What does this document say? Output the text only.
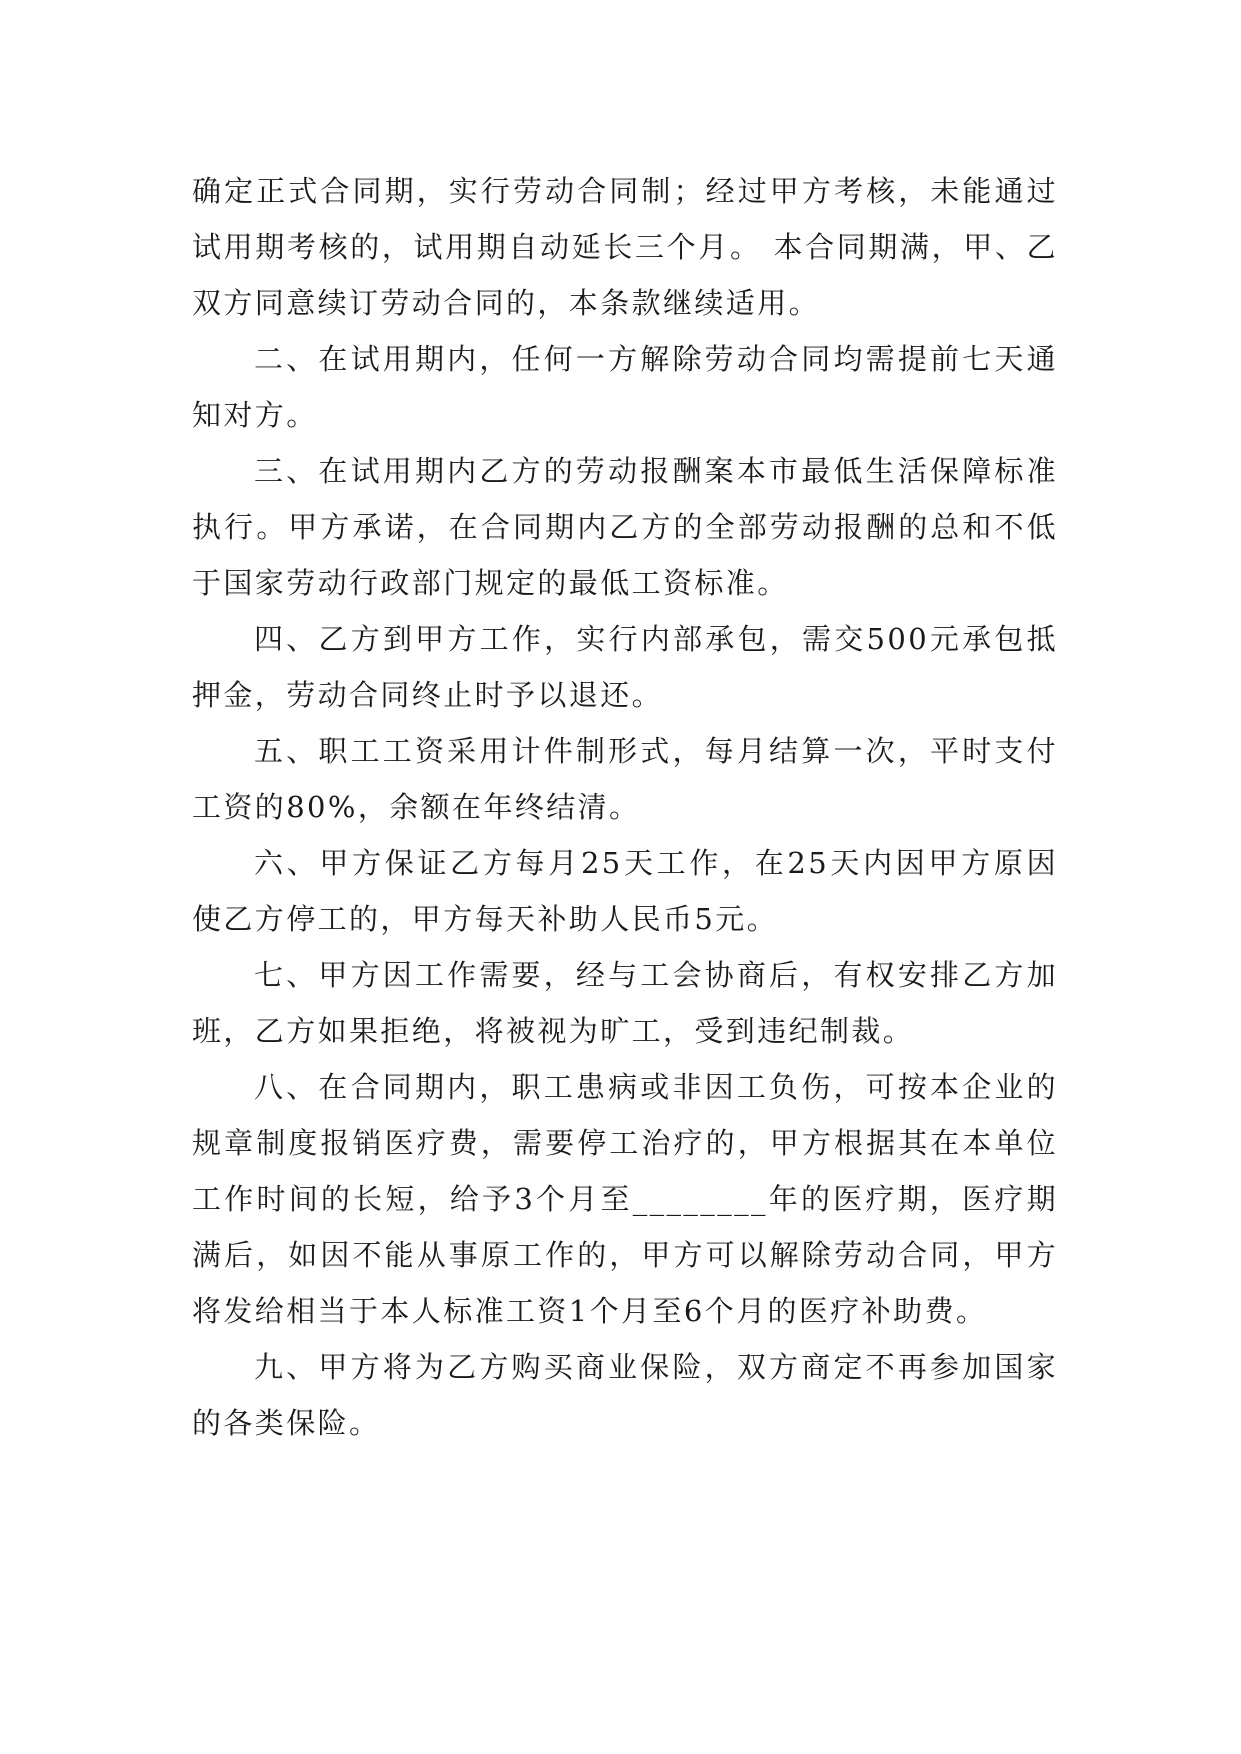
确定正式合同期，实行劳动合同制；经过甲方考核，未能通过试用期考核的，试用期自动延长三个月。 本合同期满，甲、乙双方同意续订劳动合同的，本条款继续适用。

二、在试用期内，任何一方解除劳动合同均需提前七天通知对方。

三、在试用期内乙方的劳动报酬案本市最低生活保障标准执行。甲方承诺，在合同期内乙方的全部劳动报酬的总和不低于国家劳动行政部门规定的最低工资标准。

四、乙方到甲方工作，实行内部承包，需交500元承包抵押金，劳动合同终止时予以退还。

五、职工工资采用计件制形式，每月结算一次，平时支付工资的80%，余额在年终结清。

六、甲方保证乙方每月25天工作，在25天内因甲方原因使乙方停工的，甲方每天补助人民币5元。

七、甲方因工作需要，经与工会协商后，有权安排乙方加班，乙方如果拒绝，将被视为旷工，受到违纪制裁。

八、在合同期内，职工患病或非因工负伤，可按本企业的规章制度报销医疗费，需要停工治疗的，甲方根据其在本单位工作时间的长短，给予3个月至________年的医疗期，医疗期满后，如因不能从事原工作的，甲方可以解除劳动合同，甲方将发给相当于本人标准工资1个月至6个月的医疗补助费。

九、甲方将为乙方购买商业保险，双方商定不再参加国家的各类保险。
